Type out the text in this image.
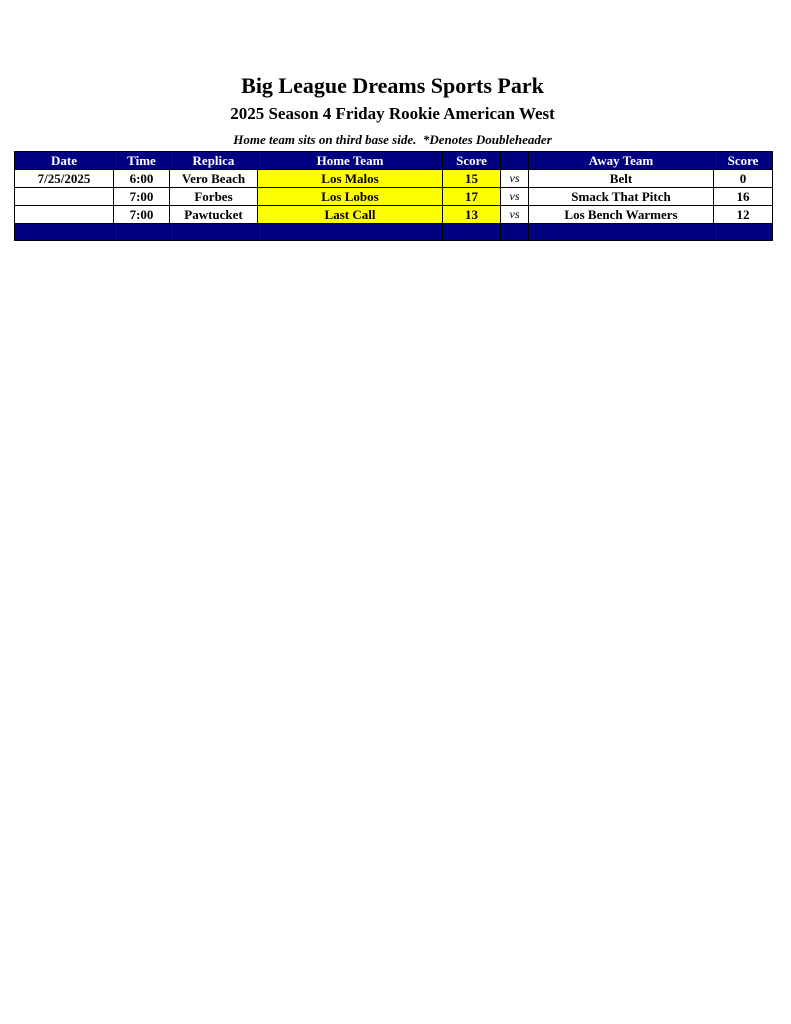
Big League Dreams Sports Park
2025 Season 4 Friday Rookie American West
Home team sits on third base side.  *Denotes Doubleheader
Date	Time	Replica	Home Team	Score		Away Team	Score
7/25/2025	6:00	Vero Beach	Los Malos	15	vs	Belt	0
	7:00	Forbes	Los Lobos	17	vs	Smack That Pitch	16
	7:00	Pawtucket	Last Call	13	vs	Los Bench Warmers	12
